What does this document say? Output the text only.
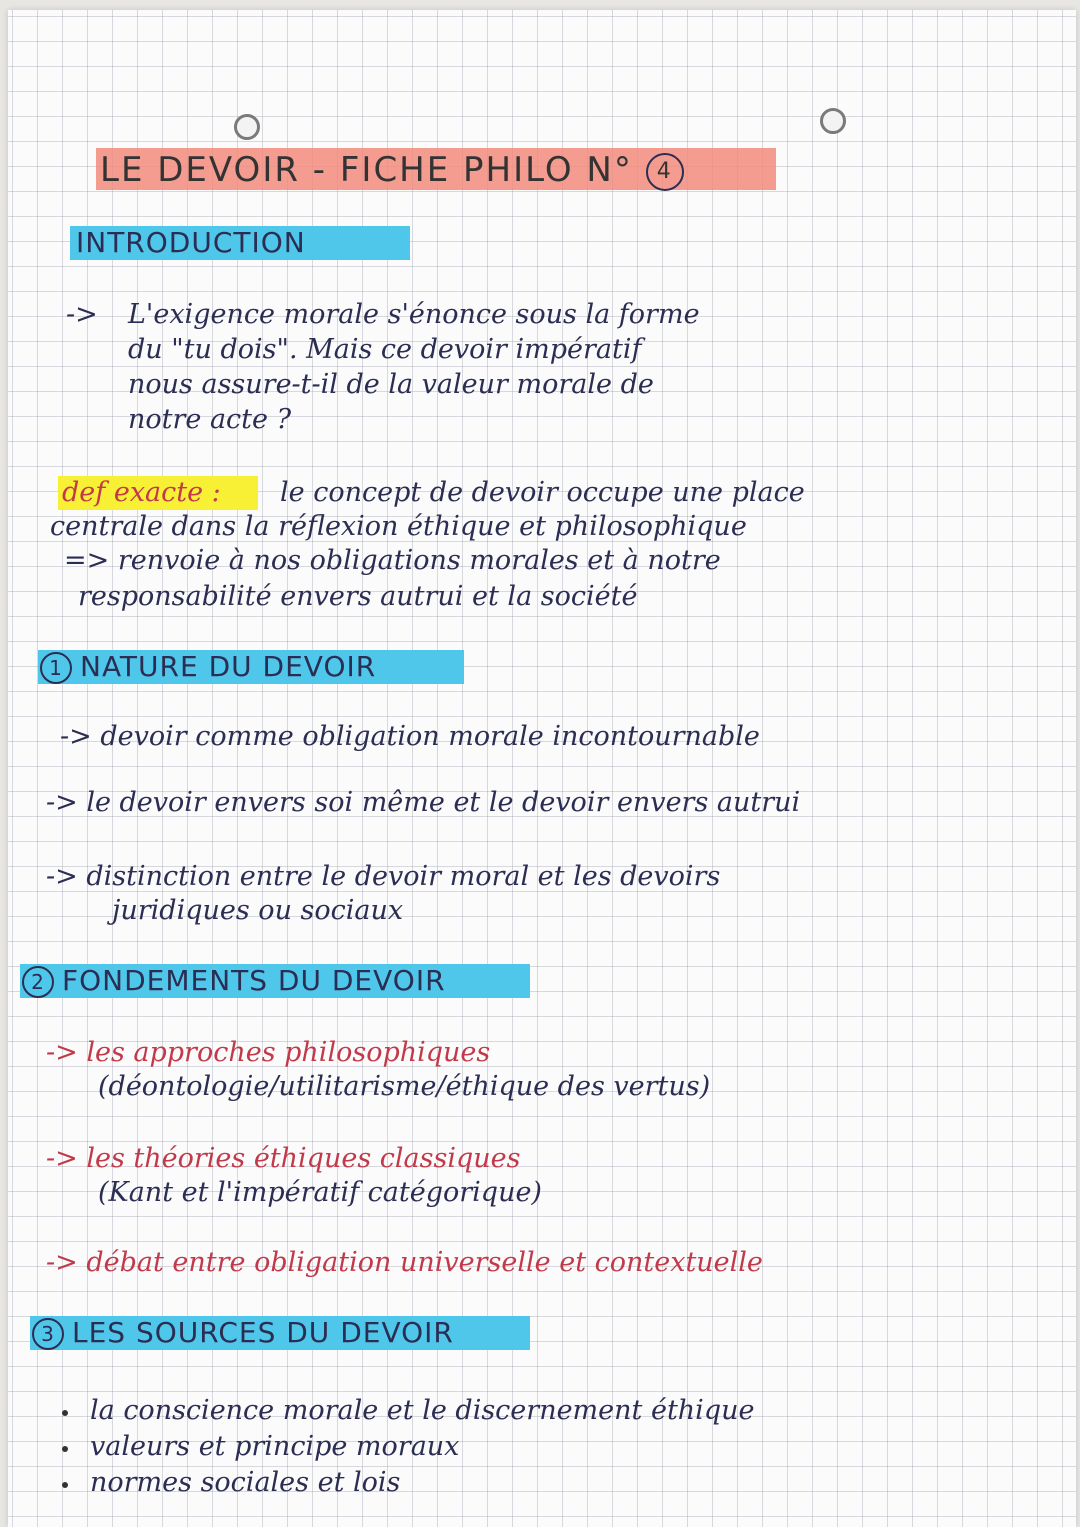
LE DEVOIR - FICHE PHILO N° 4
INTRODUCTION
-> L'exigence morale s'énonce sous la forme
du "tu dois". Mais ce devoir impératif
nous assure-t-il de la valeur morale de
notre acte ?
def exacte : le concept de devoir occupe une place
centrale dans la réflexion éthique et philosophique
=> renvoie à nos obligations morales et à notre
responsabilité envers autrui et la société
1 NATURE DU DEVOIR
-> devoir comme obligation morale incontournable
-> le devoir envers soi même et le devoir envers autrui
-> distinction entre le devoir moral et les devoirs
juridiques ou sociaux
2 FONDEMENTS DU DEVOIR
-> les approches philosophiques
(déontologie/utilitarisme/éthique des vertus)
-> les théories éthiques classiques
(Kant et l'impératif catégorique)
-> débat entre obligation universelle et contextuelle
3 LES SOURCES DU DEVOIR
la conscience morale et le discernement éthique
valeurs et principe moraux
normes sociales et lois
